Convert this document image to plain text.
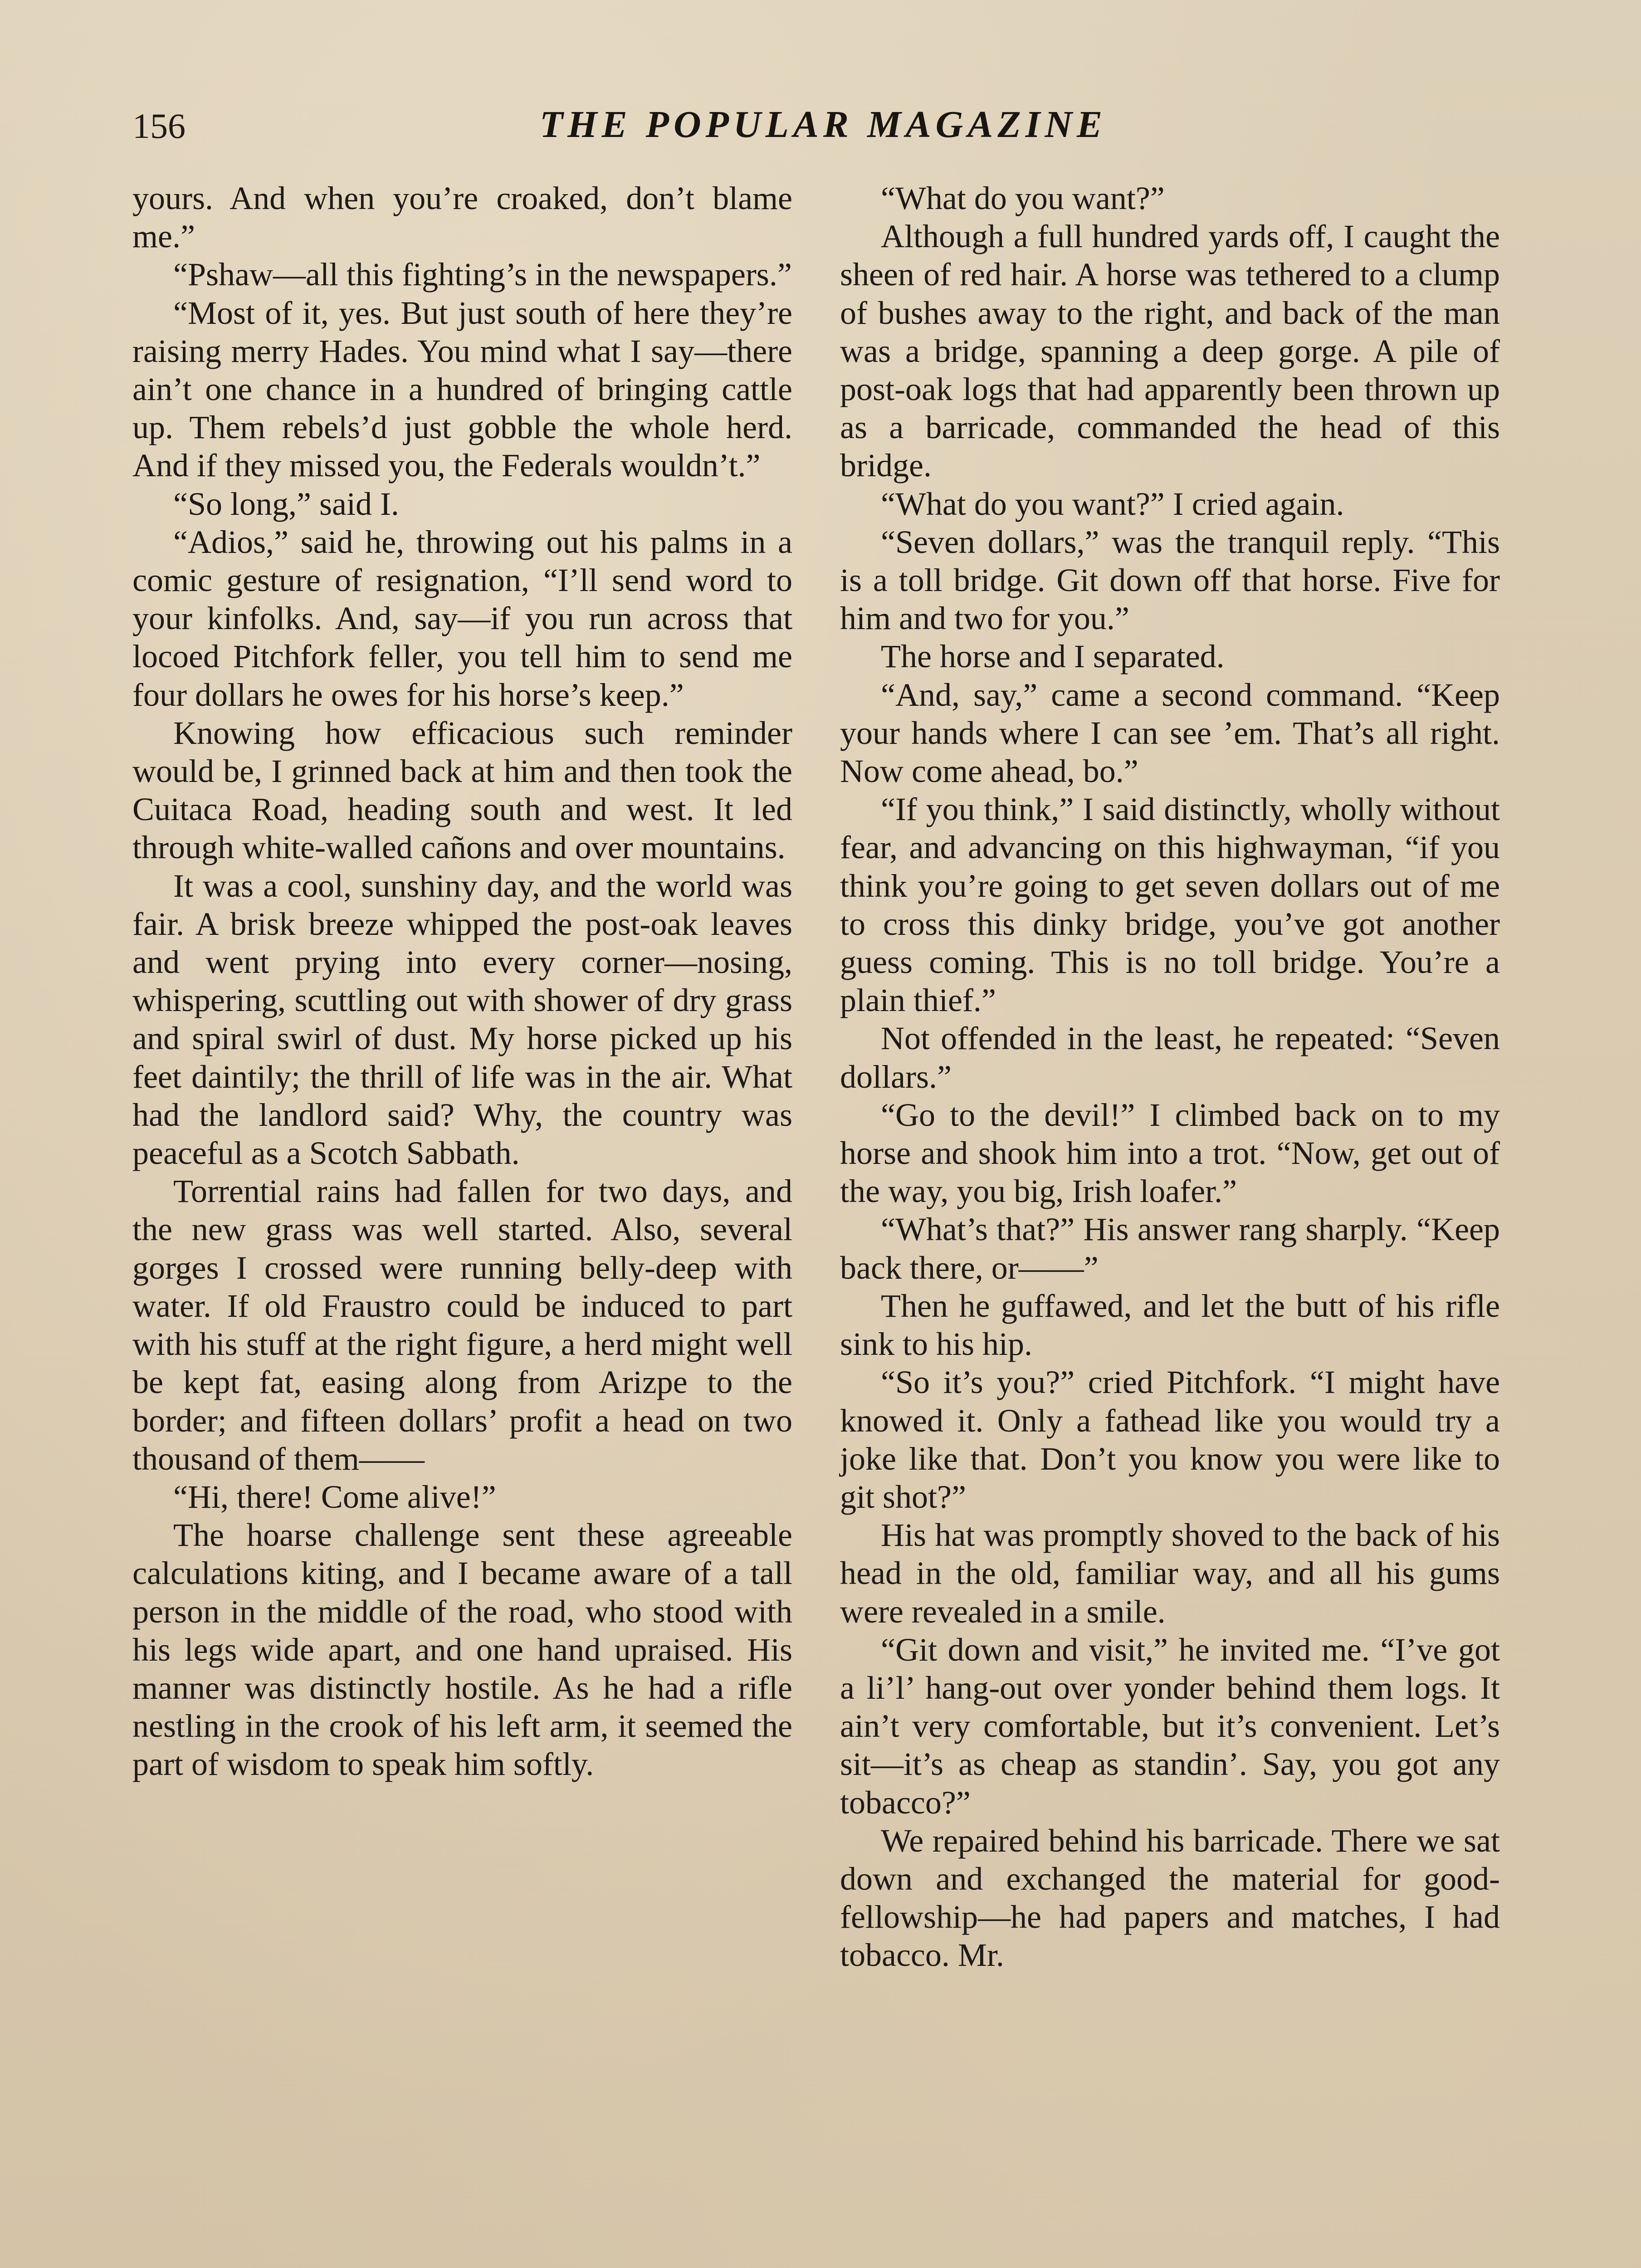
156	THE POPULAR MAGAZINE

yours. And when you’re croaked, don’t blame me.”

“Pshaw—all this fighting’s in the newspapers.”

“Most of it, yes. But just south of here they’re raising merry Hades. You mind what I say—there ain’t one chance in a hundred of bringing cattle up. Them rebels’d just gobble the whole herd. And if they missed you, the Federals wouldn’t.”

“So long,” said I.

“Adios,” said he, throwing out his palms in a comic gesture of resignation, “I’ll send word to your kinfolks. And, say—if you run across that locoed Pitchfork feller, you tell him to send me four dollars he owes for his horse’s keep.”

Knowing how efficacious such reminder would be, I grinned back at him and then took the Cuitaca Road, heading south and west. It led through white-walled cañons and over mountains.

It was a cool, sunshiny day, and the world was fair. A brisk breeze whipped the post-oak leaves and went prying into every corner—nosing, whispering, scuttling out with shower of dry grass and spiral swirl of dust. My horse picked up his feet daintily; the thrill of life was in the air. What had the landlord said? Why, the country was peaceful as a Scotch Sabbath.

Torrential rains had fallen for two days, and the new grass was well started. Also, several gorges I crossed were running belly-deep with water. If old Fraustro could be induced to part with his stuff at the right figure, a herd might well be kept fat, easing along from Arizpe to the border; and fifteen dollars’ profit a head on two thousand of them——

“Hi, there! Come alive!”

The hoarse challenge sent these agreeable calculations kiting, and I became aware of a tall person in the middle of the road, who stood with his legs wide apart, and one hand upraised. His manner was distinctly hostile. As he had a rifle nestling in the crook of his left arm, it seemed the part of wisdom to speak him softly.

“What do you want?”

Although a full hundred yards off, I caught the sheen of red hair. A horse was tethered to a clump of bushes away to the right, and back of the man was a bridge, spanning a deep gorge. A pile of post-oak logs that had apparently been thrown up as a barricade, commanded the head of this bridge.

“What do you want?” I cried again.

“Seven dollars,” was the tranquil reply. “This is a toll bridge. Git down off that horse. Five for him and two for you.”

The horse and I separated.

“And, say,” came a second command. “Keep your hands where I can see ’em. That’s all right. Now come ahead, bo.”

“If you think,” I said distinctly, wholly without fear, and advancing on this highwayman, “if you think you’re going to get seven dollars out of me to cross this dinky bridge, you’ve got another guess coming. This is no toll bridge. You’re a plain thief.”

Not offended in the least, he repeated: “Seven dollars.”

“Go to the devil!” I climbed back on to my horse and shook him into a trot. “Now, get out of the way, you big, Irish loafer.”

“What’s that?” His answer rang sharply. “Keep back there, or——”

Then he guffawed, and let the butt of his rifle sink to his hip.

“So it’s you?” cried Pitchfork. “I might have knowed it. Only a fathead like you would try a joke like that. Don’t you know you were like to git shot?”

His hat was promptly shoved to the back of his head in the old, familiar way, and all his gums were revealed in a smile.

“Git down and visit,” he invited me. “I’ve got a li’l’ hang-out over yonder behind them logs. It ain’t very comfortable, but it’s convenient. Let’s sit—it’s as cheap as standin’. Say, you got any tobacco?”

We repaired behind his barricade. There we sat down and exchanged the material for good-fellowship—he had papers and matches, I had tobacco. Mr.
